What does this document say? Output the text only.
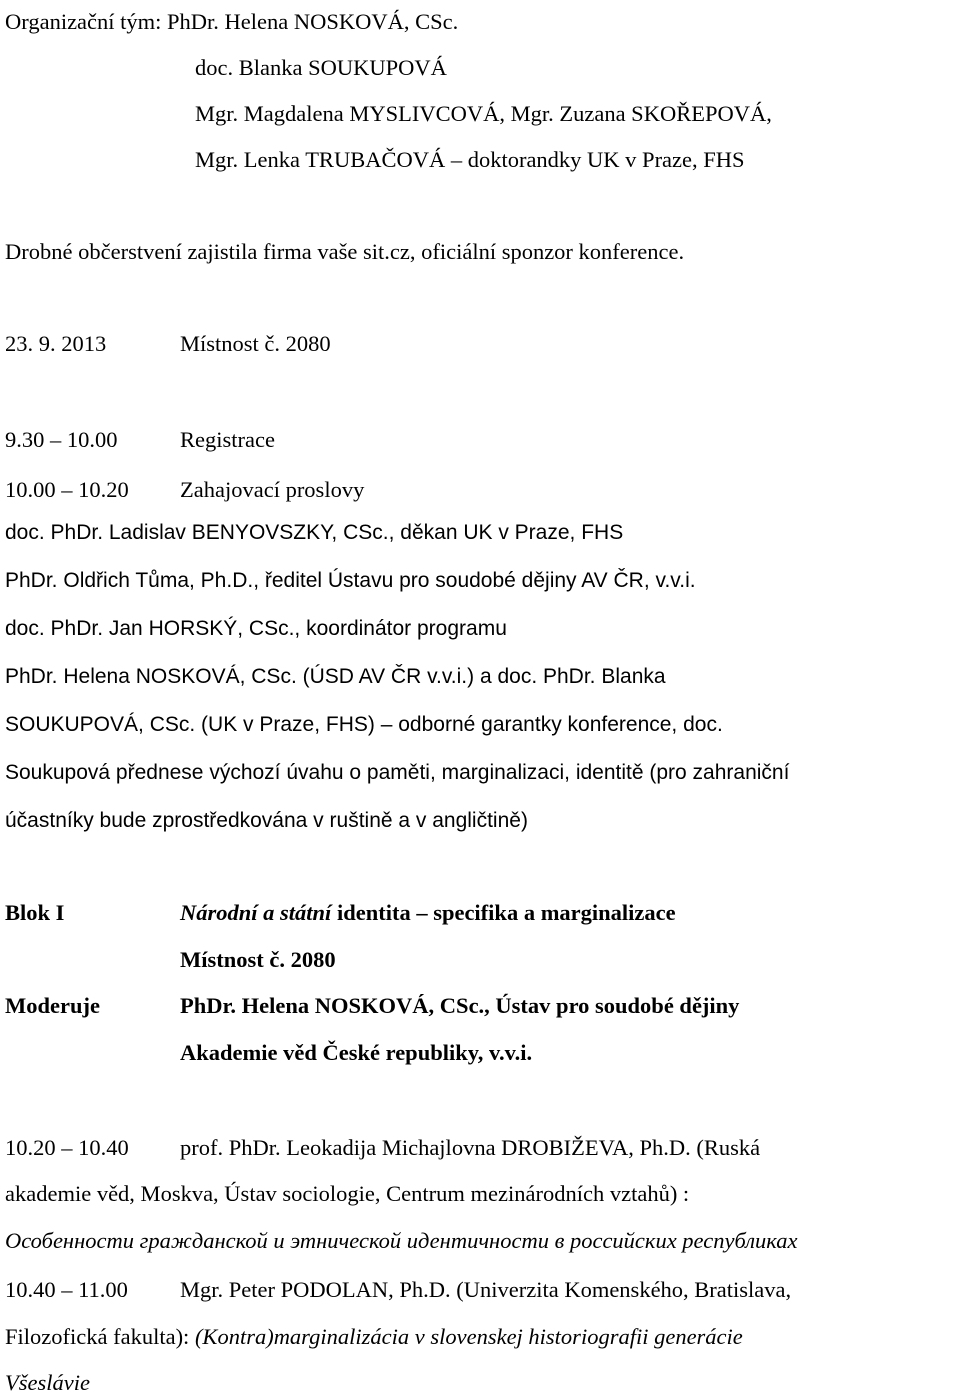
Organizační tým: PhDr. Helena NOSKOVÁ, CSc.
doc. Blanka SOUKUPOVÁ
Mgr. Magdalena MYSLIVCOVÁ, Mgr. Zuzana SKOŘEPOVÁ,
Mgr. Lenka TRUBAČOVÁ – doktorandky UK v Praze, FHS
Drobné občerstvení zajistila firma vaše sit.cz, oficiální sponzor konference.
23. 9. 2013	Místnost č. 2080
9.30 – 10.00	Registrace
10.00 – 10.20 Zahajovací proslovy
doc. PhDr. Ladislav BENYOVSZKY, CSc., děkan UK v Praze, FHS
PhDr. Oldřich Tůma, Ph.D., ředitel Ústavu pro soudobé dějiny AV ČR, v.v.i.
doc. PhDr. Jan HORSKÝ, CSc., koordinátor programu
PhDr. Helena NOSKOVÁ, CSc. (ÚSD AV ČR v.v.i.) a doc. PhDr. Blanka
SOUKUPOVÁ, CSc. (UK v Praze, FHS) – odborné garantky konference, doc.
Soukupová přednese výchozí úvahu o paměti, marginalizaci, identitě (pro zahraniční
účastníky bude zprostředkována v ruštině a v angličtině)
Blok I	Národní a státní identita – specifika a marginalizace
Místnost č. 2080
Moderuje	PhDr. Helena NOSKOVÁ, CSc., Ústav pro soudobé dějiny
Akademie věd České republiky, v.v.i.
10.20 – 10.40 prof. PhDr. Leokadija Michajlovna DROBIŽEVA, Ph.D. (Ruská
akademie věd, Moskva, Ústav sociologie, Centrum mezinárodních vztahů) :
Особенности гражданской и этнической идентичности в российских республиках
10.40 – 11.00 Mgr. Peter PODOLAN, Ph.D. (Univerzita Komenského, Bratislava,
Filozofická fakulta): (Kontra)marginalizácia v slovenskej historiografii generácie
Všeslávie
